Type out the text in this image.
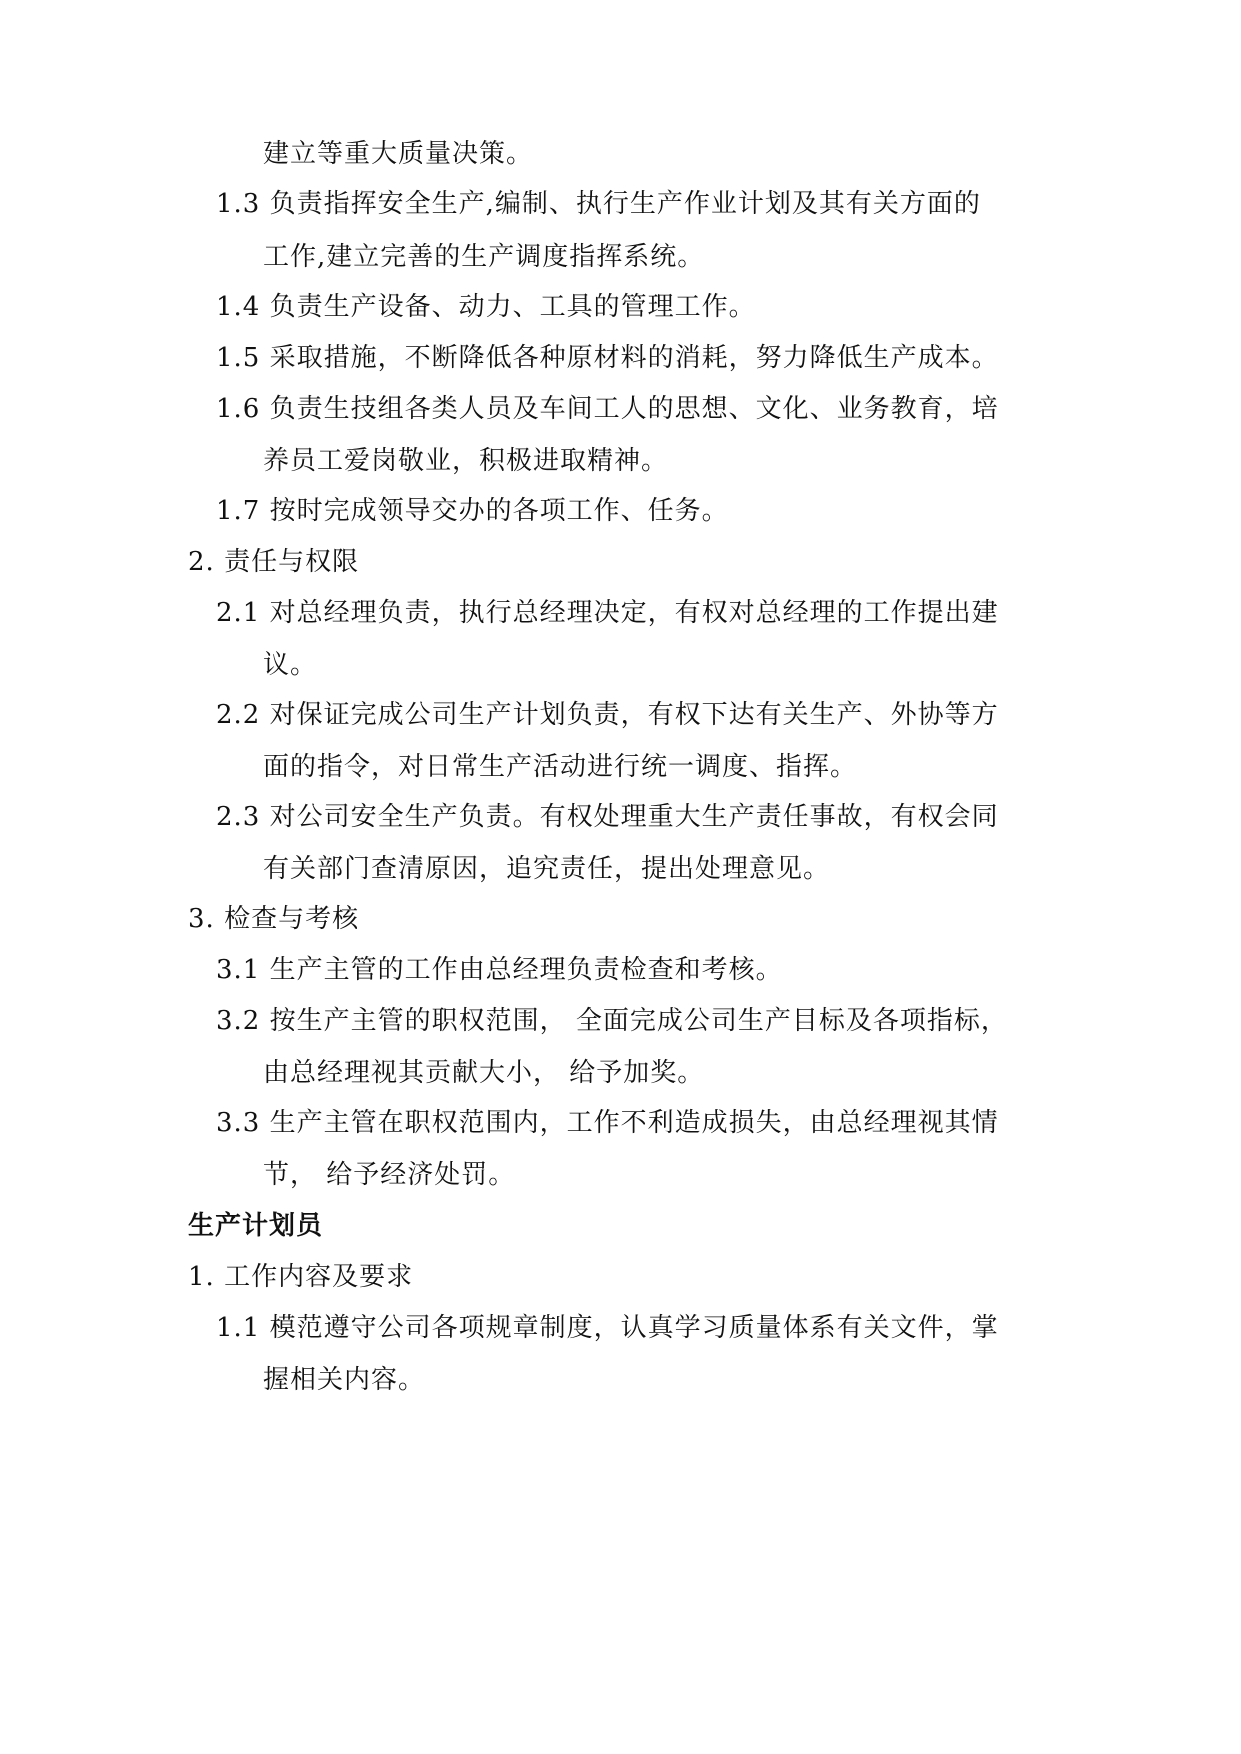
建立等重大质量决策。
1.3 负责指挥安全生产,编制、执行生产作业计划及其有关方面的
工作,建立完善的生产调度指挥系统。
1.4 负责生产设备、动力、工具的管理工作。
1.5 采取措施，不断降低各种原材料的消耗，努力降低生产成本。
1.6 负责生技组各类人员及车间工人的思想、文化、业务教育，培
养员工爱岗敬业，积极进取精神。
1.7 按时完成领导交办的各项工作、任务。
2. 责任与权限
2.1 对总经理负责，执行总经理决定，有权对总经理的工作提出建
议。
2.2 对保证完成公司生产计划负责，有权下达有关生产、外协等方
面的指令，对日常生产活动进行统一调度、指挥。
2.3 对公司安全生产负责。有权处理重大生产责任事故，有权会同
有关部门查清原因，追究责任，提出处理意见。
3. 检查与考核
3.1 生产主管的工作由总经理负责检查和考核。
3.2 按生产主管的职权范围， 全面完成公司生产目标及各项指标，
由总经理视其贡献大小， 给予加奖。
3.3 生产主管在职权范围内，工作不利造成损失，由总经理视其情
节， 给予经济处罚。
生产计划员
1. 工作内容及要求
1.1 模范遵守公司各项规章制度，认真学习质量体系有关文件，掌
握相关内容。
